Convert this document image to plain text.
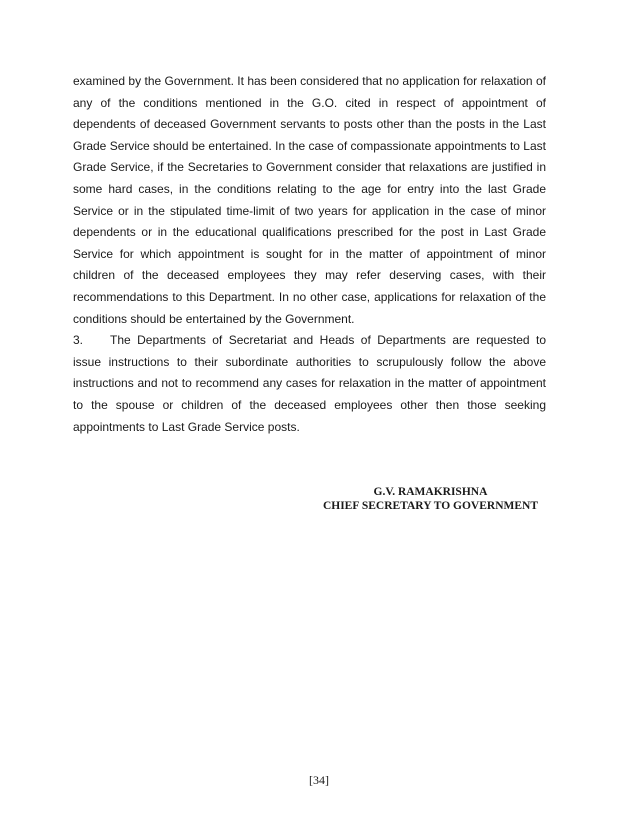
examined by the Government. It has been considered that no application for relaxation of any of the conditions mentioned in the G.O. cited in respect of appointment of dependents of deceased Government servants to posts other than the posts in the Last Grade Service should be entertained. In the case of compassionate appointments to Last Grade Service, if the Secretaries to Government consider that relaxations are justified in some hard cases, in the conditions relating to the age for entry into the last Grade Service or in the stipulated time-limit of two years for application in the case of minor dependents or in the educational qualifications prescribed for the post in Last Grade Service for which appointment is sought for in the matter of appointment of minor children of the deceased employees they may refer deserving cases, with their recommendations to this Department. In no other case, applications for relaxation of the conditions should be entertained by the Government.

3. The Departments of Secretariat and Heads of Departments are requested to issue instructions to their subordinate authorities to scrupulously follow the above instructions and not to recommend any cases for relaxation in the matter of appointment to the spouse or children of the deceased employees other then those seeking appointments to Last Grade Service posts.

G.V. RAMAKRISHNA
CHIEF SECRETARY TO GOVERNMENT
[34]
